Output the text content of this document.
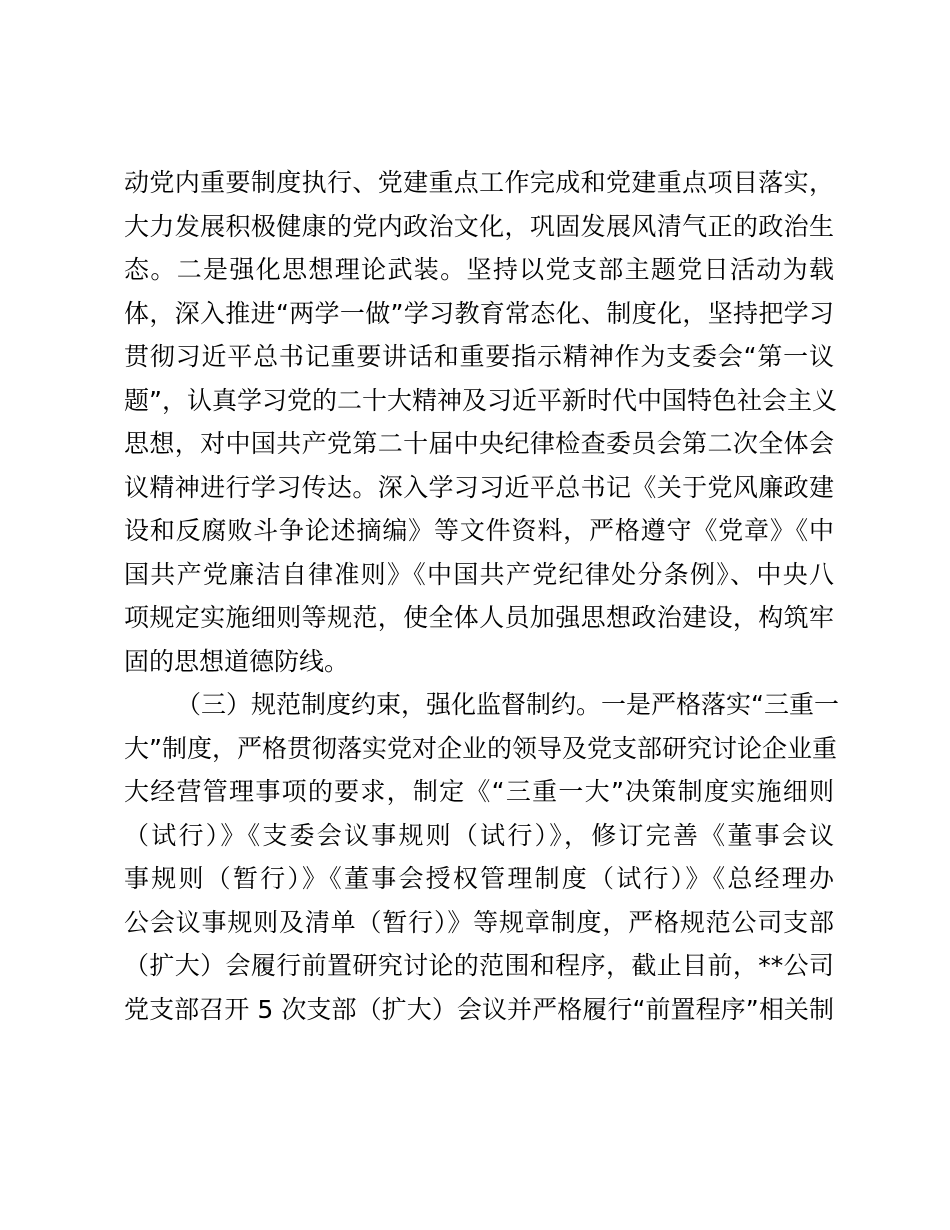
动党内重要制度执行、党建重点工作完成和党建重点项目落实，
大力发展积极健康的党内政治文化，巩固发展风清气正的政治生
态。二是强化思想理论武装。坚持以党支部主题党日活动为载
体，深入推进“两学一做”学习教育常态化、制度化，坚持把学习
贯彻习近平总书记重要讲话和重要指示精神作为支委会“第一议
题”，认真学习党的二十大精神及习近平新时代中国特色社会主义
思想，对中国共产党第二十届中央纪律检查委员会第二次全体会
议精神进行学习传达。深入学习习近平总书记《关于党风廉政建
设和反腐败斗争论述摘编》等文件资料，严格遵守《党章》《中
国共产党廉洁自律准则》《中国共产党纪律处分条例》、中央八
项规定实施细则等规范，使全体人员加强思想政治建设，构筑牢
固的思想道德防线。
（三）规范制度约束，强化监督制约。一是严格落实“三重一
大”制度，严格贯彻落实党对企业的领导及党支部研究讨论企业重
大经营管理事项的要求，制定《“三重一大”决策制度实施细则
（试行）》《支委会议事规则（试行）》，修订完善《董事会议
事规则（暂行）》《董事会授权管理制度（试行）》《总经理办
公会议事规则及清单（暂行）》等规章制度，严格规范公司支部
（扩大）会履行前置研究讨论的范围和程序，截止目前，**公司
党支部召开 5 次支部（扩大）会议并严格履行“前置程序”相关制
